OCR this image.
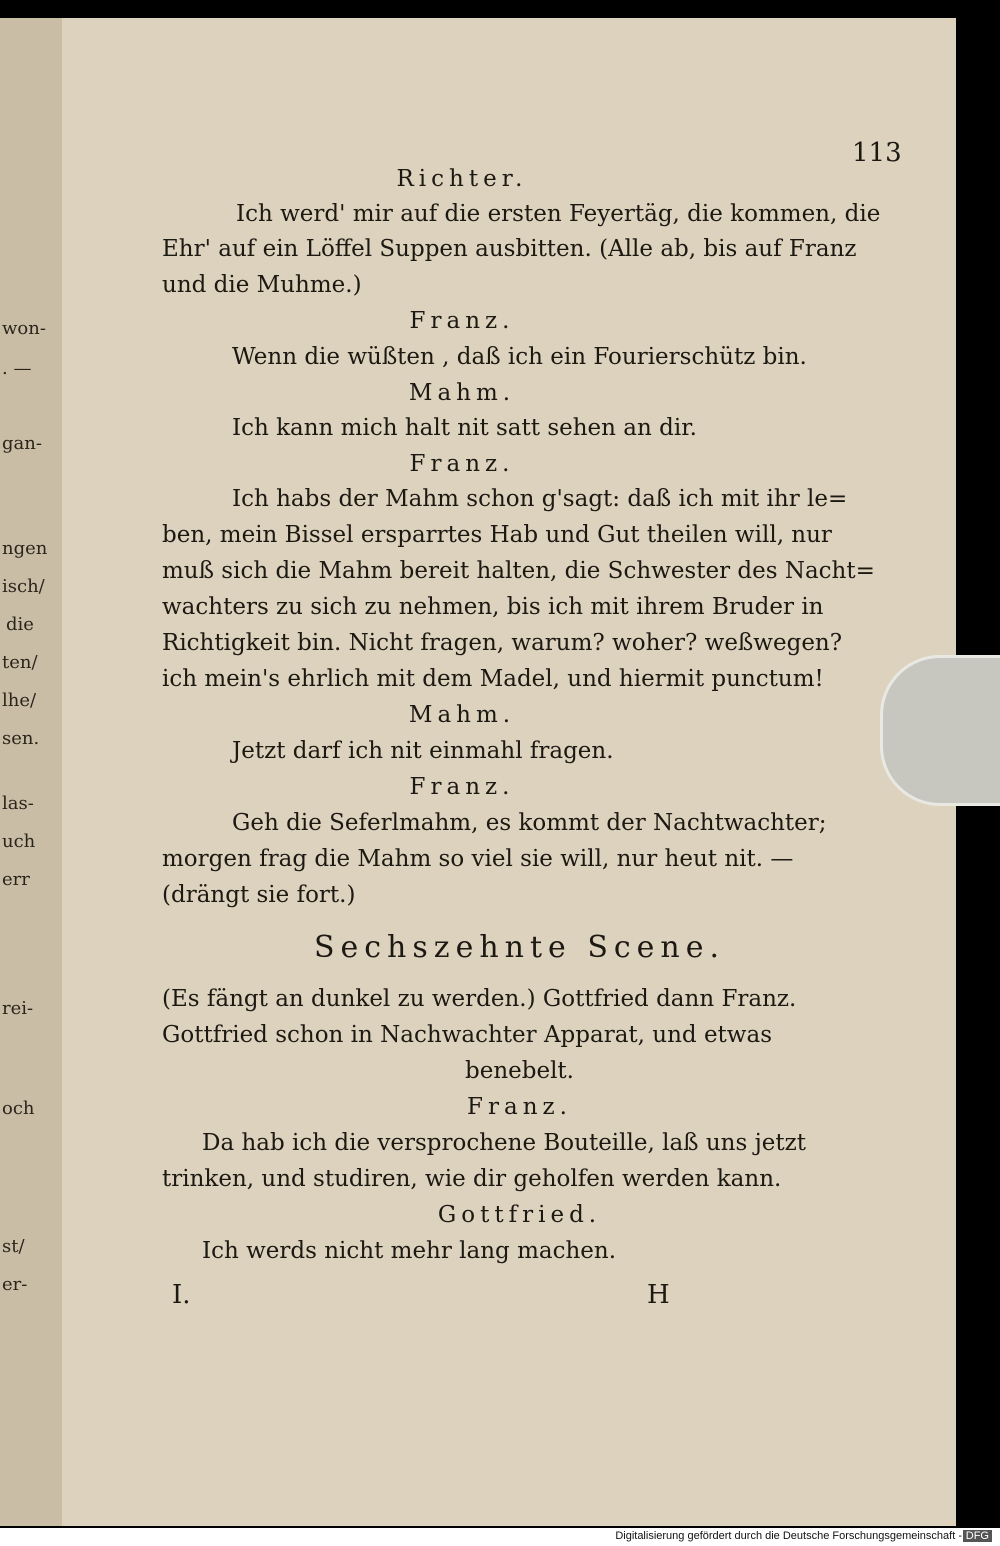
113
Richter.
Ich werd' mir auf die ersten Feyertäg, die kommen, die
Ehr' auf ein Löffel Suppen ausbitten. (Alle ab, bis auf Franz
und die Muhme.)
Franz.
Wenn die wüßten , daß ich ein Fourierschütz bin.
Mahm.
Ich kann mich halt nit satt sehen an dir.
Franz.
Ich habs der Mahm schon g'sagt: daß ich mit ihr le=
ben, mein Bissel ersparrtes Hab und Gut theilen will, nur
muß sich die Mahm bereit halten, die Schwester des Nacht=
wachters zu sich zu nehmen, bis ich mit ihrem Bruder in
Richtigkeit bin. Nicht fragen, warum? woher? weßwegen?
ich mein's ehrlich mit dem Madel, und hiermit punctum!
Mahm.
Jetzt darf ich nit einmahl fragen.
Franz.
Geh die Seferlmahm, es kommt der Nachtwachter;
morgen frag die Mahm so viel sie will, nur heut nit. —
(drängt sie fort.)
Sechszehnte Scene.
(Es fängt an dunkel zu werden.) Gottfried dann Franz.
Gottfried schon in Nachwachter Apparat, und etwas
benebelt.
Franz.
Da hab ich die versprochene Bouteille, laß uns jetzt
trinken, und studiren, wie dir geholfen werden kann.
Gottfried.
Ich werds nicht mehr lang machen.
I.	H
won-
. —
gan-
ngen
isch/
die
ten/
lhe/
sen.
las-
uch
err
rei-
och
st/
er-
Digitalisierung gefördert durch die Deutsche Forschungsgemeinschaft - DFG
